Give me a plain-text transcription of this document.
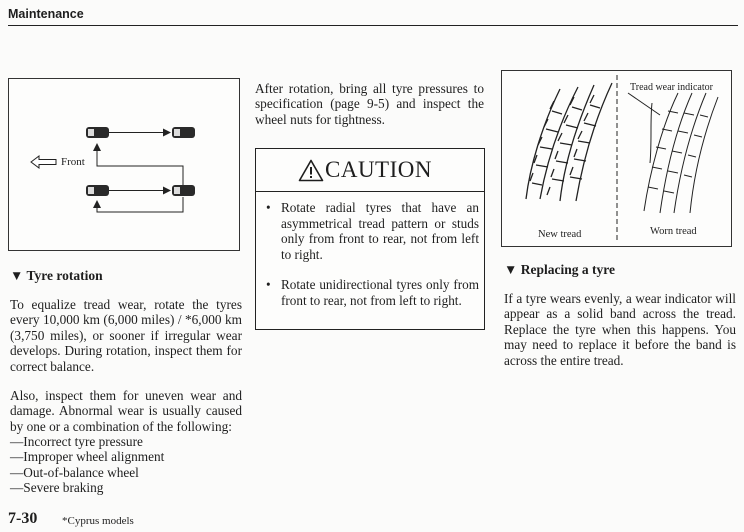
Maintenance
Front
Tread wear indicator
New tread	Worn tread
▼ Tyre rotation

To equalize tread wear, rotate the tyres every 10,000 km (6,000 miles) / *6,000 km (3,750 miles), or sooner if irregular wear develops. During rotation, inspect them for correct balance.

Also, inspect them for uneven wear and damage. Abnormal wear is usually caused by one or a combination of the following:

—Incorrect tyre pressure
—Improper wheel alignment
—Out-of-balance wheel
—Severe braking

After rotation, bring all tyre pressures to specification (page 9-5) and inspect the wheel nuts for tightness.

CAUTION
• Rotate radial tyres that have an asymmetrical tread pattern or studs only from front to rear, not from left to right.
• Rotate unidirectional tyres only from front to rear, not from left to right.
▼ Replacing a tyre

If a tyre wears evenly, a wear indicator will appear as a solid band across the tread. Replace the tyre when this happens. You may need to replace it before the band is across the entire tread.

7-30 *Cyprus models
